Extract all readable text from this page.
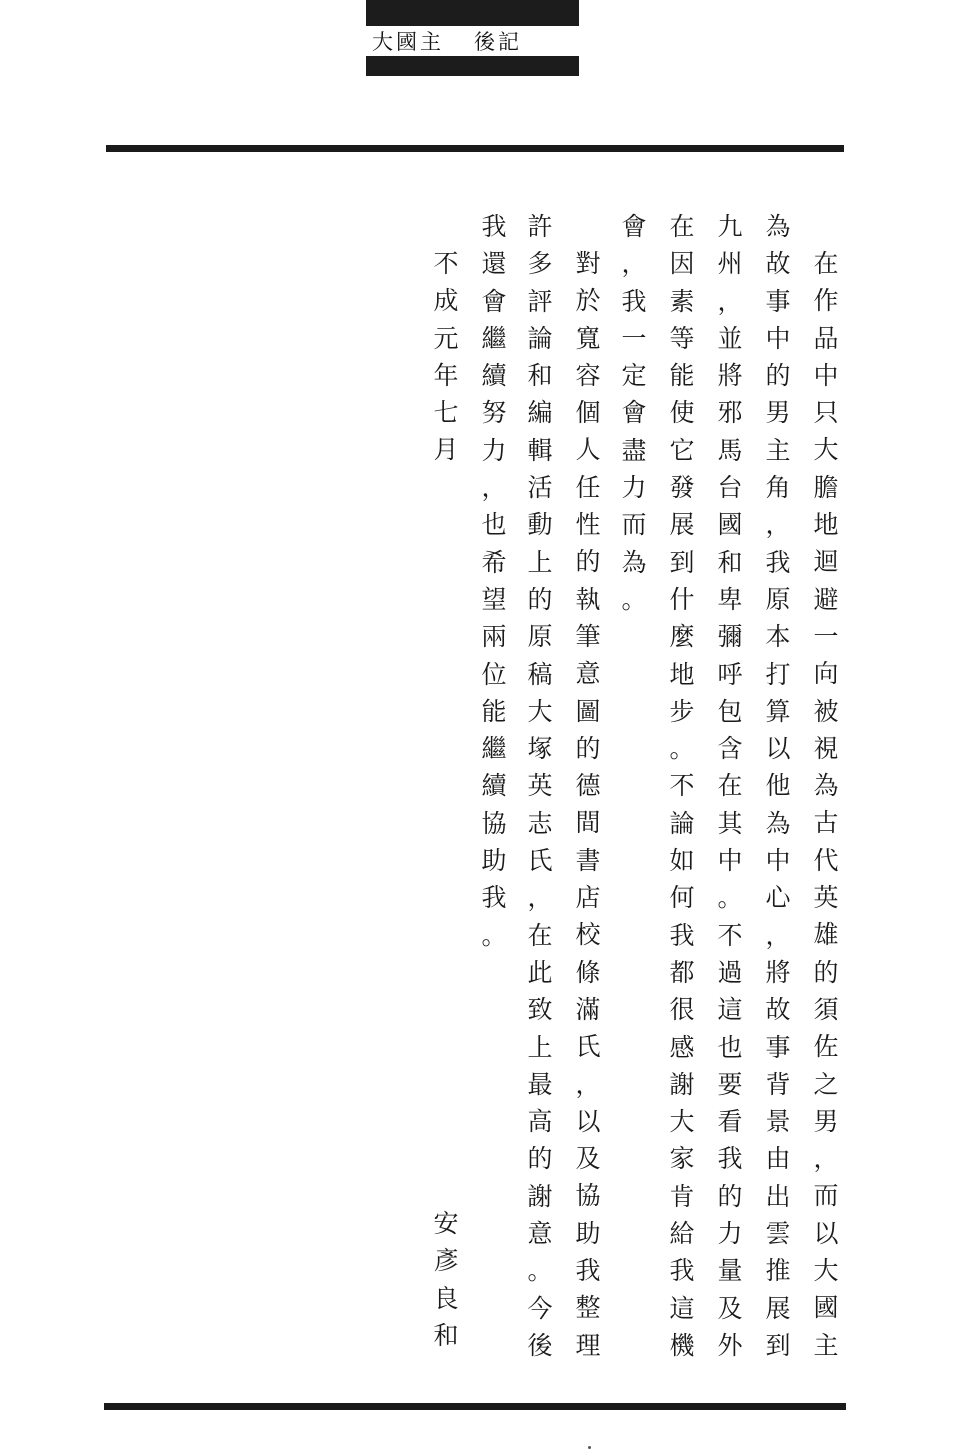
大國主 後記
在
作
品
中
只
大
膽
地
迴
避
一
向
被
視
為
古
代
英
雄
的
須
佐
之
男
，
而
以
大
國
主
為
故
事
中
的
男
主
角
，
我
原
本
打
算
以
他
為
中
心
，
將
故
事
背
景
由
出
雲
推
展
到
九
州
，
並
將
邪
馬
台
國
和
卑
彌
呼
包
含
在
其
中
。
不
過
這
也
要
看
我
的
力
量
及
外
在
因
素
等
能
使
它
發
展
到
什
麼
地
步
。
不
論
如
何
我
都
很
感
謝
大
家
肯
給
我
這
機
會
，
我
一
定
會
盡
力
而
為
。
對
於
寬
容
個
人
任
性
的
執
筆
意
圖
的
德
間
書
店
校
條
滿
氏
，
以
及
協
助
我
整
理
許
多
評
論
和
編
輯
活
動
上
的
原
稿
大
塚
英
志
氏
，
在
此
致
上
最
高
的
謝
意
。
今
後
我
還
會
繼
續
努
力
，
也
希
望
兩
位
能
繼
續
協
助
我
。
不
成
元
年
七
月
安
彥
良
和
